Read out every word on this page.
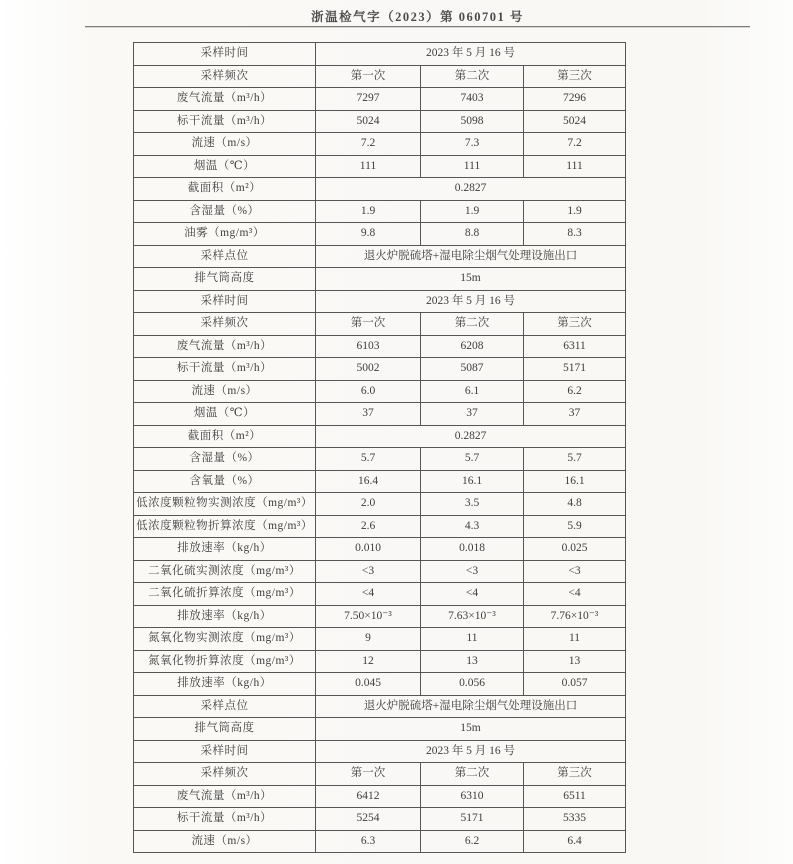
浙温检气字（2023）第 060701 号
采样时间	2023 年 5 月 16 号		
采样频次	第一次	第二次	第三次
废气流量（m³/h）	7297	7403	7296
标干流量（m³/h）	5024	5098	5024
流速（m/s）	7.2	7.3	7.2
烟温（℃）	111	111	111
截面积（m²）	0.2827		
含湿量（%）	1.9	1.9	1.9
油雾（mg/m³）	9.8	8.8	8.3
采样点位	退火炉脱硫塔+湿电除尘烟气处理设施出口		
排气筒高度	15m		
采样时间	2023 年 5 月 16 号		
采样频次	第一次	第二次	第三次
废气流量（m³/h）	6103	6208	6311
标干流量（m³/h）	5002	5087	5171
流速（m/s）	6.0	6.1	6.2
烟温（℃）	37	37	37
截面积（m²）	0.2827		
含湿量（%）	5.7	5.7	5.7
含氧量（%）	16.4	16.1	16.1
低浓度颗粒物实测浓度（mg/m³）	2.0	3.5	4.8
低浓度颗粒物折算浓度（mg/m³）	2.6	4.3	5.9
排放速率（kg/h）	0.010	0.018	0.025
二氧化硫实测浓度（mg/m³）	<3	<3	<3
二氧化硫折算浓度（mg/m³）	<4	<4	<4
排放速率（kg/h）	7.50×10⁻³	7.63×10⁻³	7.76×10⁻³
氮氧化物实测浓度（mg/m³）	9	11	11
氮氧化物折算浓度（mg/m³）	12	13	13
排放速率（kg/h）	0.045	0.056	0.057
采样点位	退火炉脱硫塔+湿电除尘烟气处理设施出口		
排气筒高度	15m		
采样时间	2023 年 5 月 16 号		
采样频次	第一次	第二次	第三次
废气流量（m³/h）	6412	6310	6511
标干流量（m³/h）	5254	5171	5335
流速（m/s）	6.3	6.2	6.4
